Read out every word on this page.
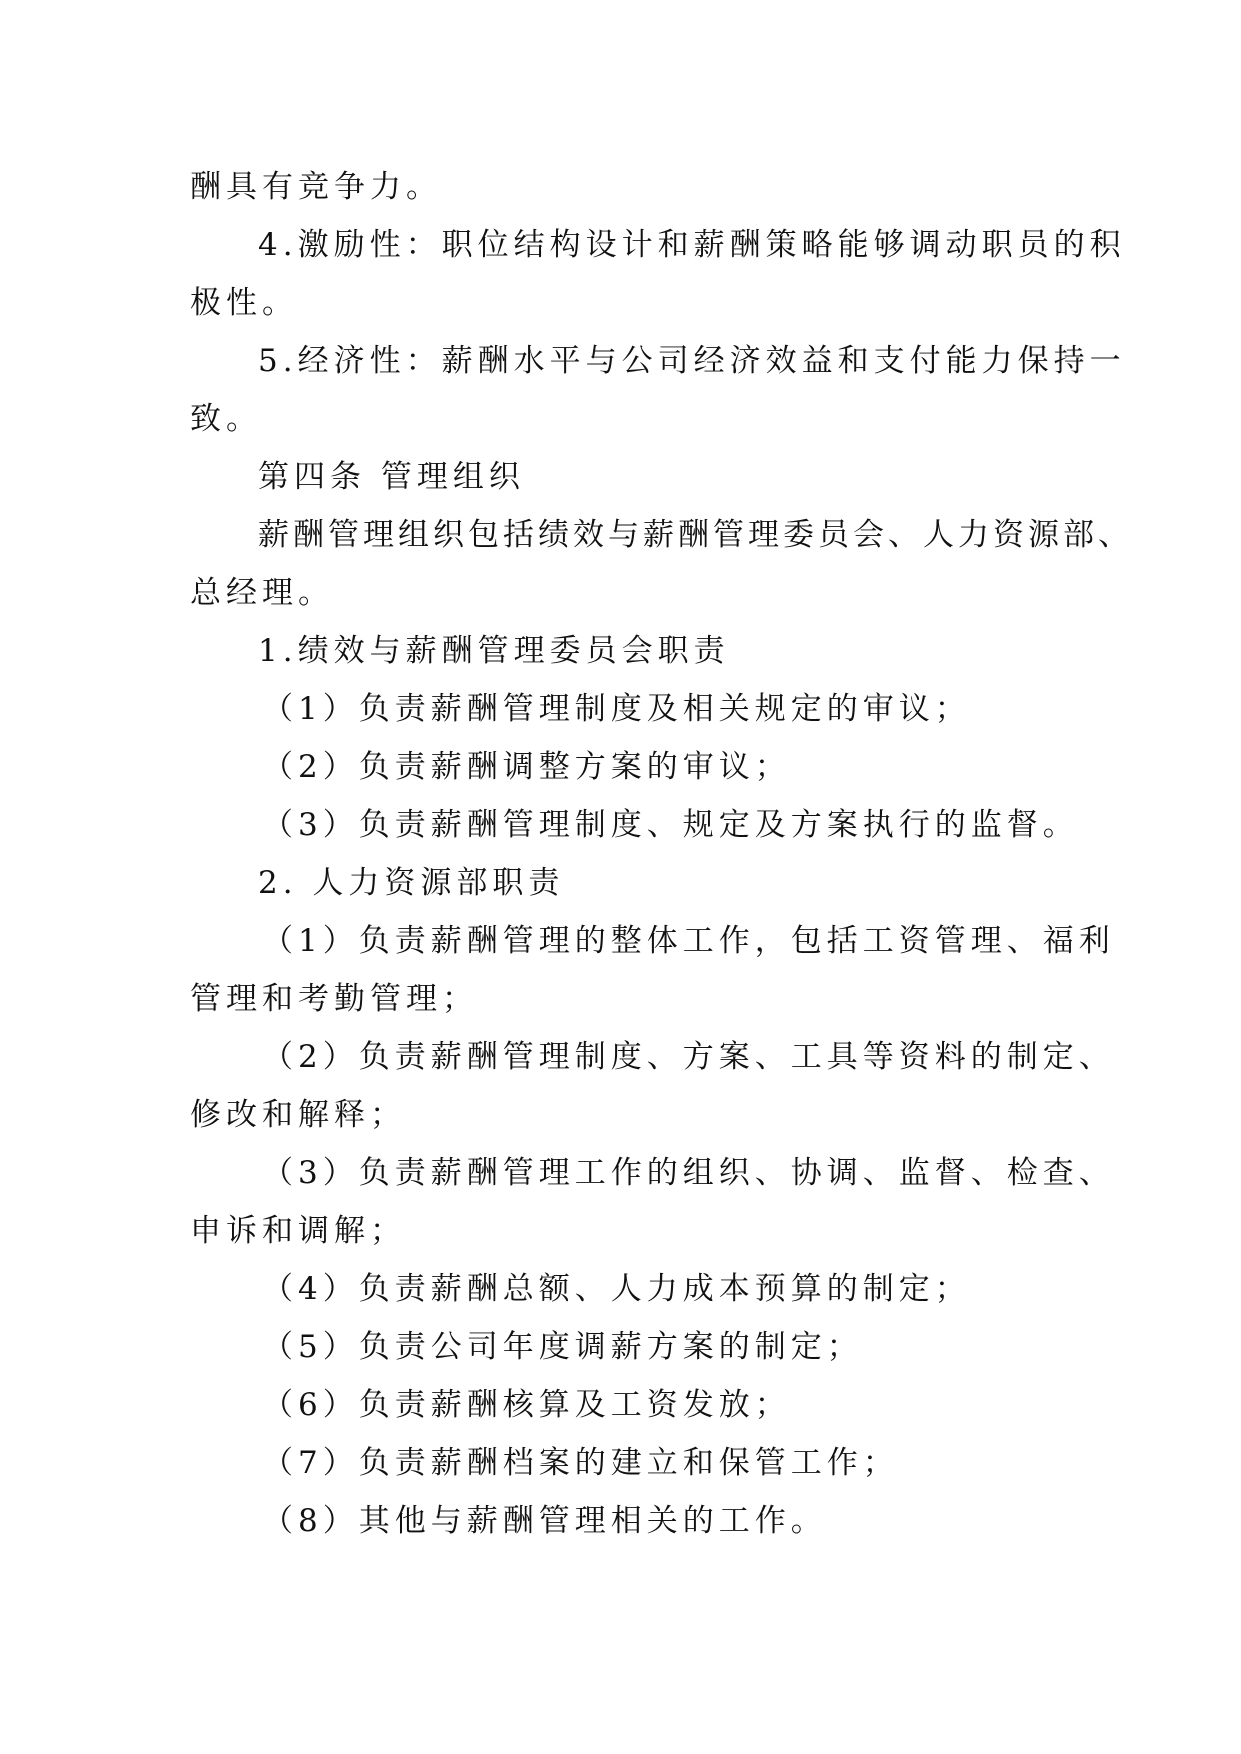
酬具有竞争力。
4.激励性：职位结构设计和薪酬策略能够调动职员的积
极性。
5.经济性：薪酬水平与公司经济效益和支付能力保持一
致。
第四条 管理组织
薪酬管理组织包括绩效与薪酬管理委员会、人力资源部、
总经理。
1.绩效与薪酬管理委员会职责
（1）负责薪酬管理制度及相关规定的审议；
（2）负责薪酬调整方案的审议；
（3）负责薪酬管理制度、规定及方案执行的监督。
2. 人力资源部职责
（1）负责薪酬管理的整体工作，包括工资管理、福利
管理和考勤管理；
（2）负责薪酬管理制度、方案、工具等资料的制定、
修改和解释；
（3）负责薪酬管理工作的组织、协调、监督、检查、
申诉和调解；
（4）负责薪酬总额、人力成本预算的制定；
（5）负责公司年度调薪方案的制定；
（6）负责薪酬核算及工资发放；
（7）负责薪酬档案的建立和保管工作；
（8）其他与薪酬管理相关的工作。
